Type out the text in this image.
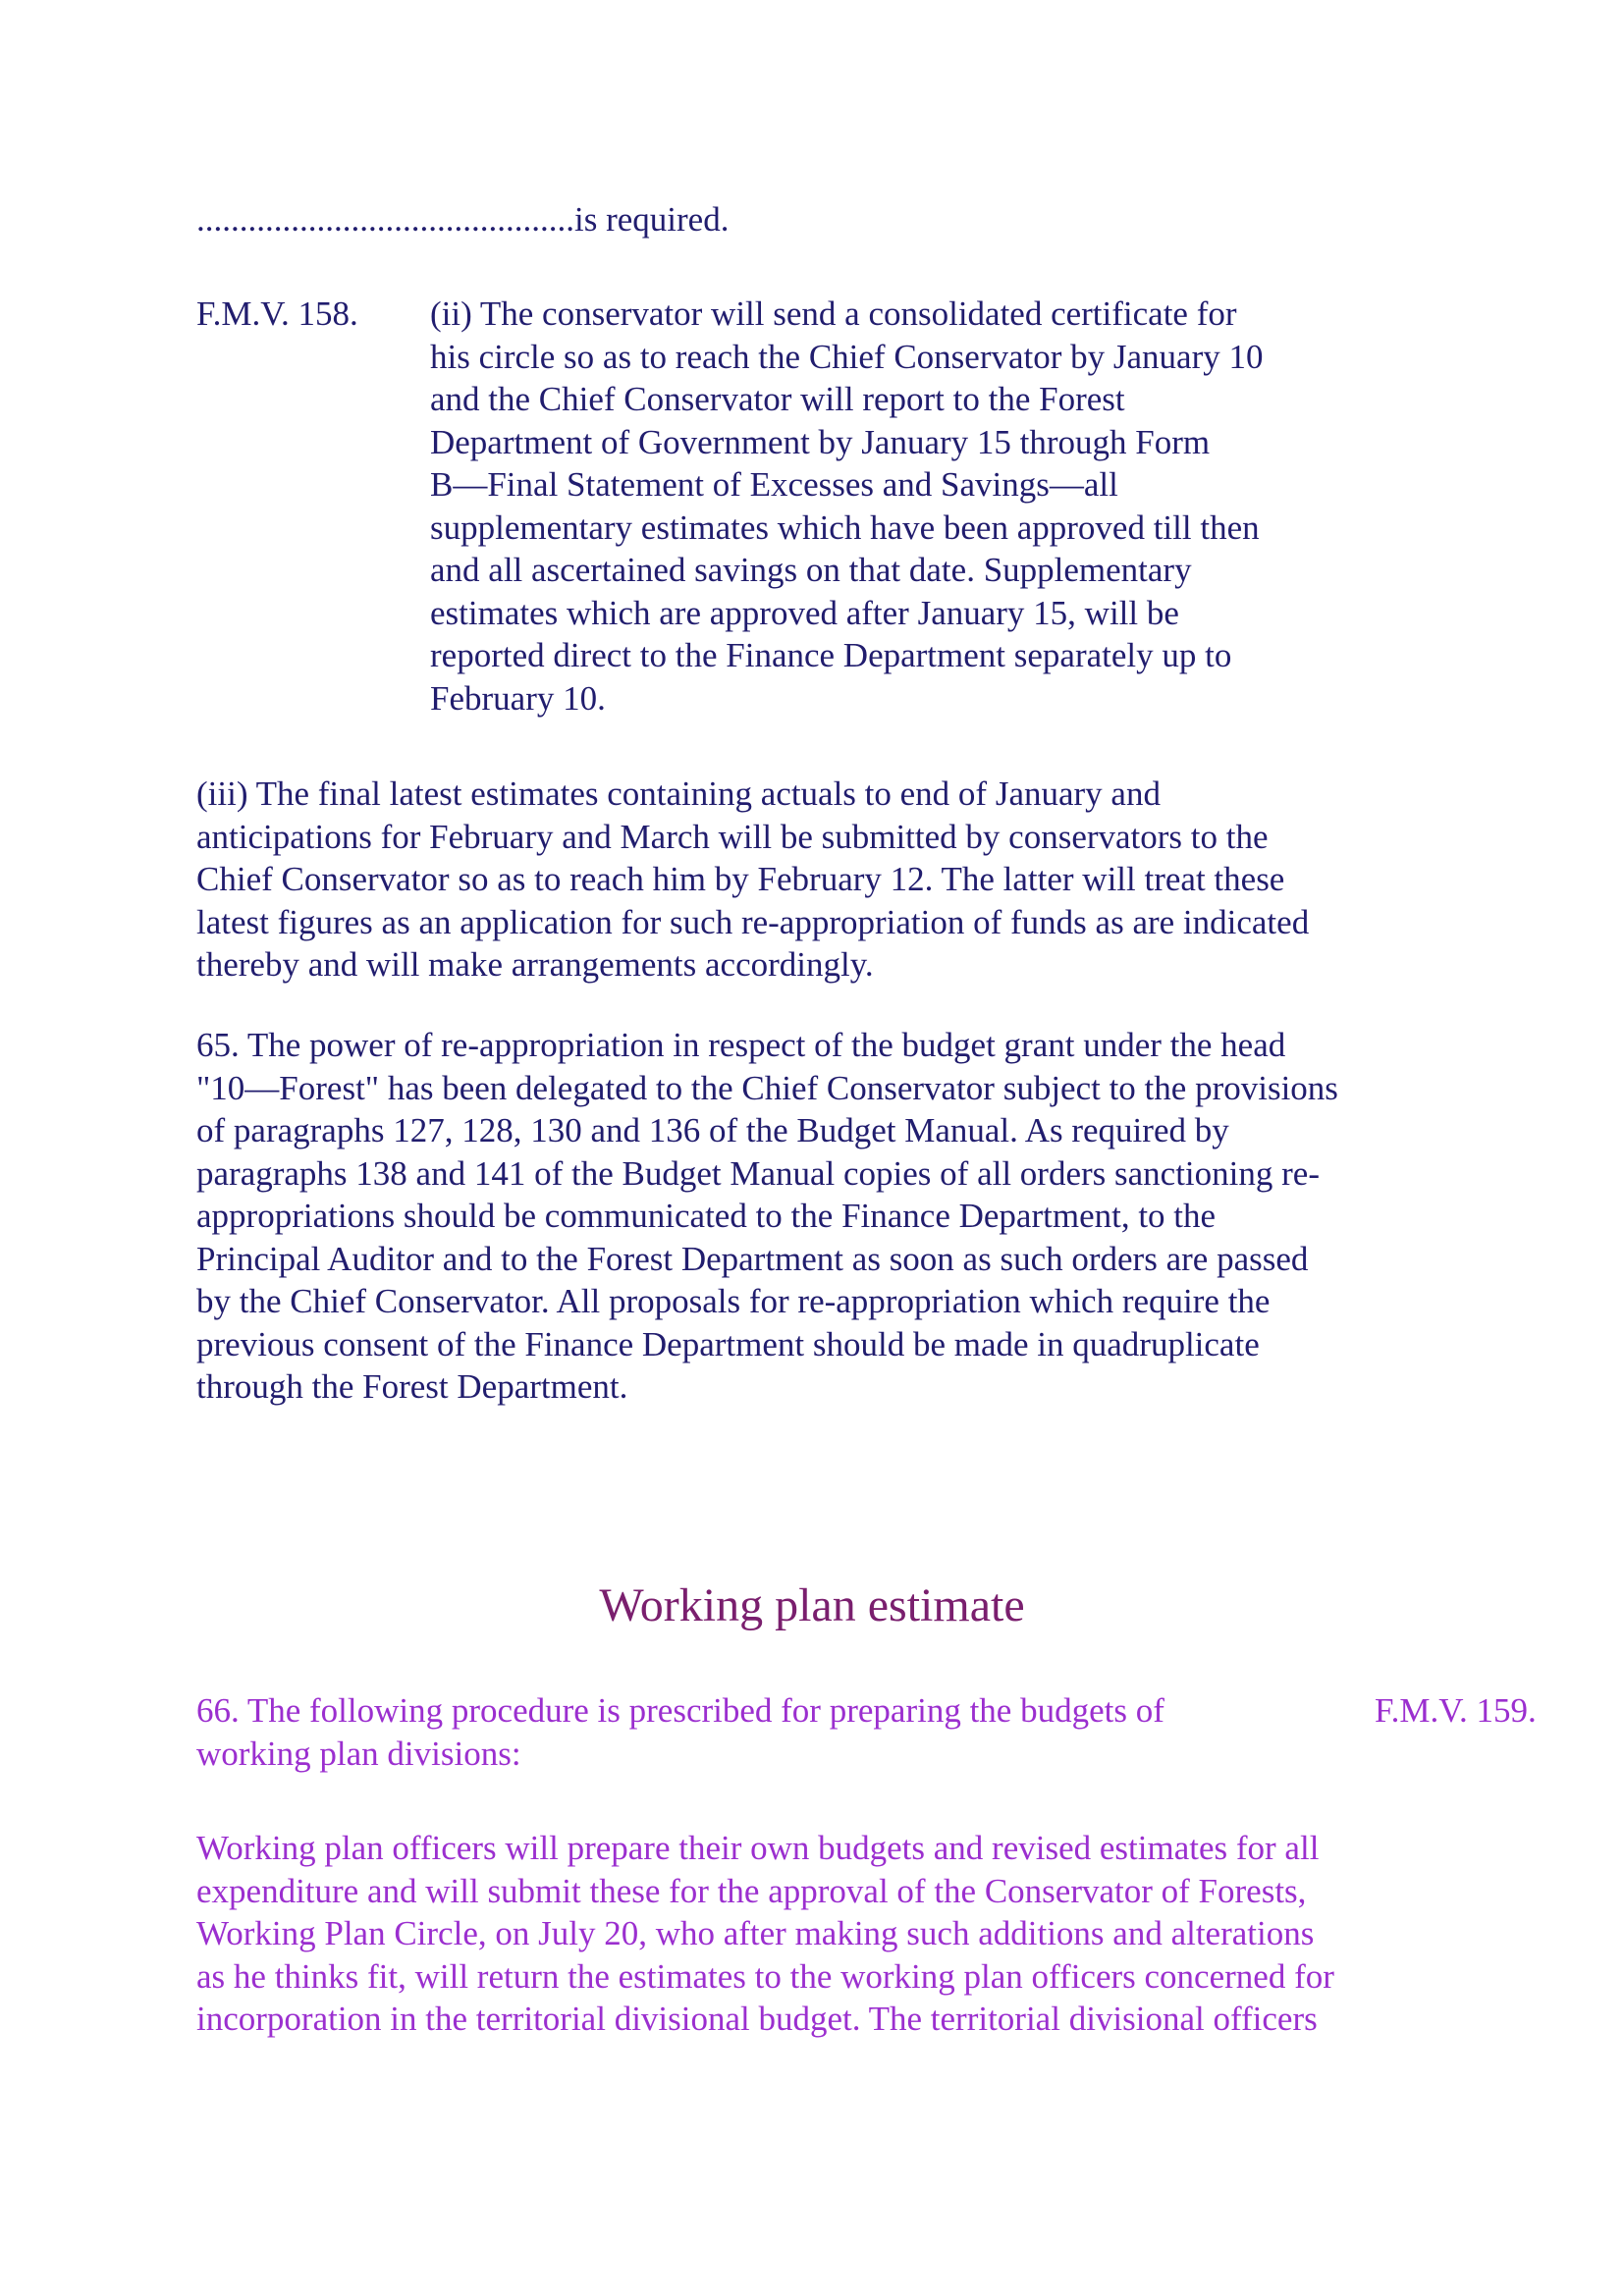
............................................is required.
F.M.V. 158. (ii) The conservator will send a consolidated certificate for
his circle so as to reach the Chief Conservator by January 10
and the Chief Conservator will report to the Forest
Department of Government by January 15 through Form
B—Final Statement of Excesses and Savings—all
supplementary estimates which have been approved till then
and all ascertained savings on that date. Supplementary
estimates which are approved after January 15, will be
reported direct to the Finance Department separately up to
February 10.
(iii) The final latest estimates containing actuals to end of January and
anticipations for February and March will be submitted by conservators to the
Chief Conservator so as to reach him by February 12. The latter will treat these
latest figures as an application for such re-appropriation of funds as are indicated
thereby and will make arrangements accordingly.
65. The power of re-appropriation in respect of the budget grant under the head
"10—Forest" has been delegated to the Chief Conservator subject to the provisions
of paragraphs 127, 128, 130 and 136 of the Budget Manual. As required by
paragraphs 138 and 141 of the Budget Manual copies of all orders sanctioning re-
appropriations should be communicated to the Finance Department, to the
Principal Auditor and to the Forest Department as soon as such orders are passed
by the Chief Conservator. All proposals for re-appropriation which require the
previous consent of the Finance Department should be made in quadruplicate
through the Forest Department.
Working plan estimate
F.M.V. 159.
66. The following procedure is prescribed for preparing the budgets of
working plan divisions:
Working plan officers will prepare their own budgets and revised estimates for all
expenditure and will submit these for the approval of the Conservator of Forests,
Working Plan Circle, on July 20, who after making such additions and alterations
as he thinks fit, will return the estimates to the working plan officers concerned for
incorporation in the territorial divisional budget. The territorial divisional officers
